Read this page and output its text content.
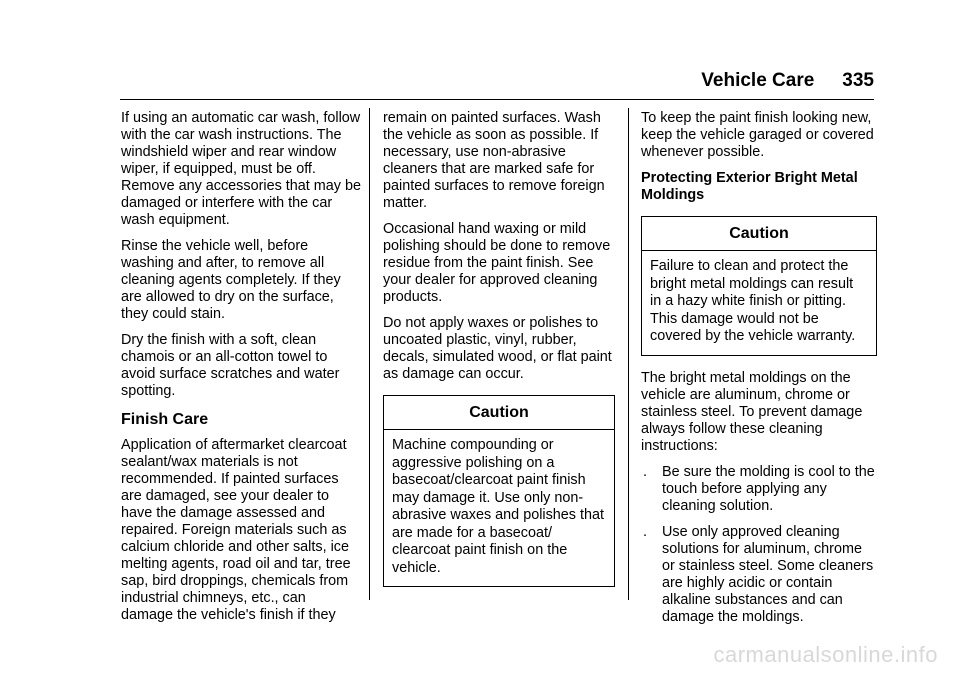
Vehicle Care 335

If using an automatic car wash, follow with the car wash instructions. The windshield wiper and rear window wiper, if equipped, must be off. Remove any accessories that may be damaged or interfere with the car wash equipment.

Rinse the vehicle well, before washing and after, to remove all cleaning agents completely. If they are allowed to dry on the surface, they could stain.

Dry the finish with a soft, clean chamois or an all-cotton towel to avoid surface scratches and water spotting.

Finish Care

Application of aftermarket clearcoat sealant/wax materials is not recommended. If painted surfaces are damaged, see your dealer to have the damage assessed and repaired. Foreign materials such as calcium chloride and other salts, ice melting agents, road oil and tar, tree sap, bird droppings, chemicals from industrial chimneys, etc., can damage the vehicle's finish if they

remain on painted surfaces. Wash the vehicle as soon as possible. If necessary, use non-abrasive cleaners that are marked safe for painted surfaces to remove foreign matter.

Occasional hand waxing or mild polishing should be done to remove residue from the paint finish. See your dealer for approved cleaning products.

Do not apply waxes or polishes to uncoated plastic, vinyl, rubber, decals, simulated wood, or flat paint as damage can occur.

Caution
Machine compounding or aggressive polishing on a basecoat/clearcoat paint finish may damage it. Use only non-abrasive waxes and polishes that are made for a basecoat/ clearcoat paint finish on the vehicle.

To keep the paint finish looking new, keep the vehicle garaged or covered whenever possible.

Protecting Exterior Bright Metal Moldings
Caution
Failure to clean and protect the bright metal moldings can result in a hazy white finish or pitting. This damage would not be covered by the vehicle warranty.

The bright metal moldings on the vehicle are aluminum, chrome or stainless steel. To prevent damage always follow these cleaning instructions:

. Be sure the molding is cool to the touch before applying any cleaning solution.
. Use only approved cleaning solutions for aluminum, chrome or stainless steel. Some cleaners are highly acidic or contain alkaline substances and can damage the moldings.
carmanualsonline.info
